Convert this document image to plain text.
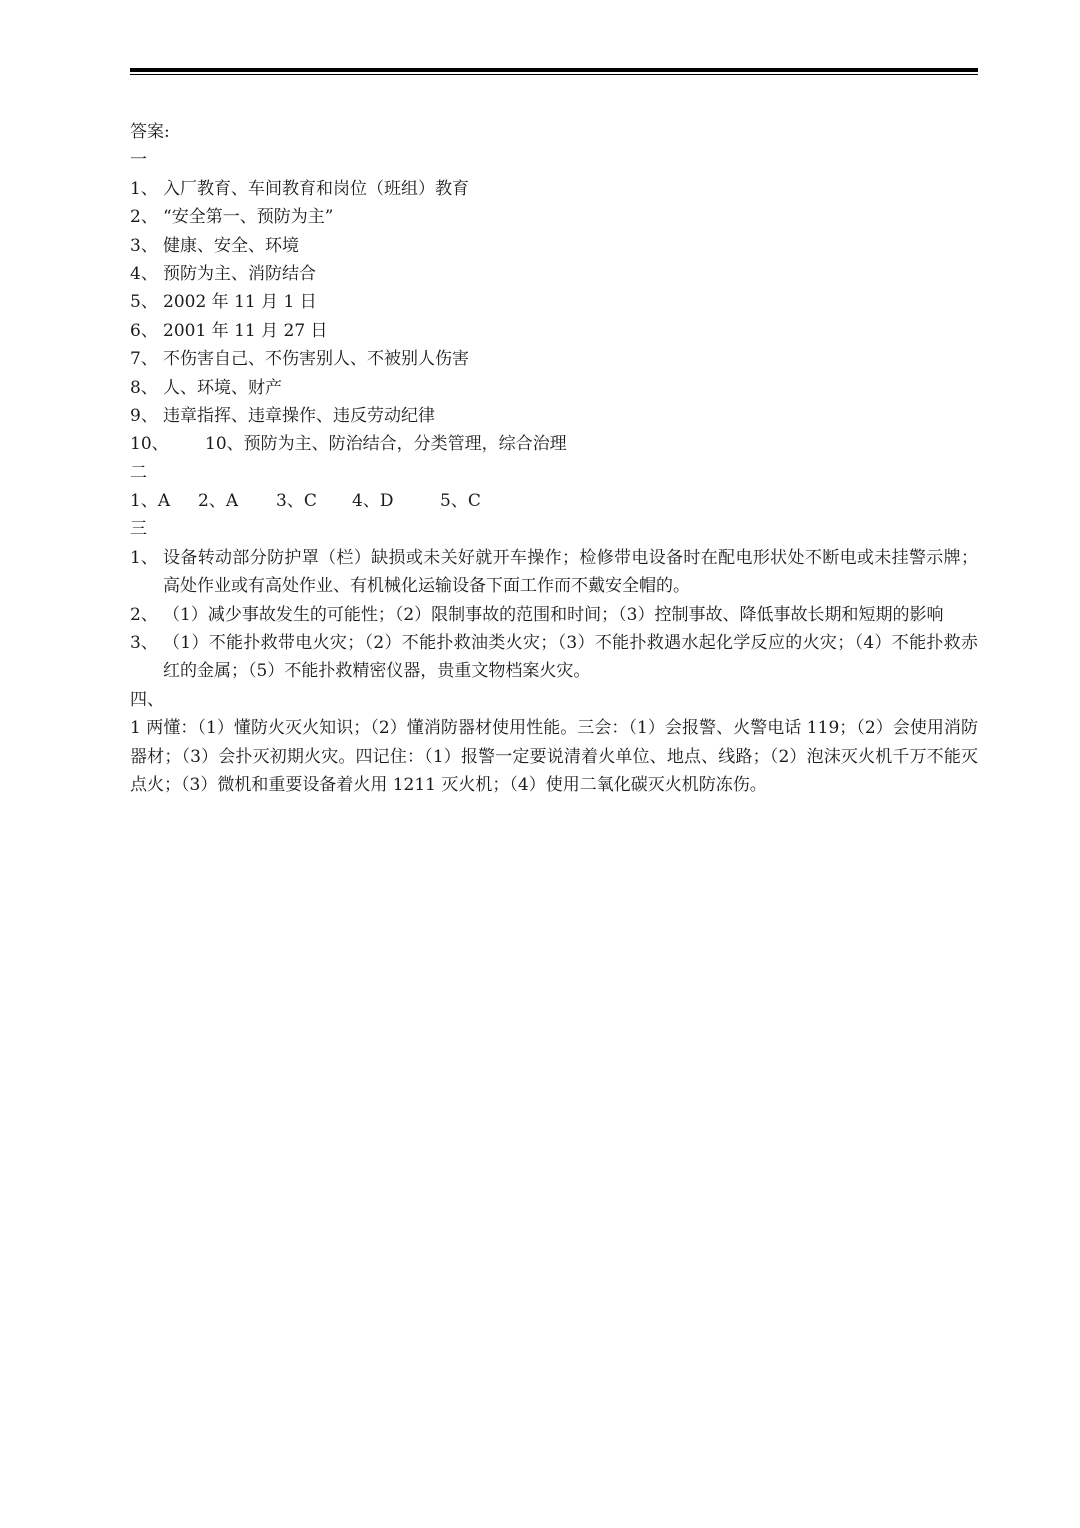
答案:
一
1、 入厂教育、车间教育和岗位（班组）教育
2、 “安全第一、预防为主”
3、 健康、安全、环境
4、 预防为主、消防结合
5、 2002 年 11 月 1 日
6、 2001 年 11 月 27 日
7、 不伤害自己、不伤害别人、不被别人伤害
8、 人、环境、财产
9、 违章指挥、违章操作、违反劳动纪律
10、	10、预防为主、防治结合，分类管理，综合治理
二
1、A 2、A 3、C 4、D	5、C
三
1、 设备转动部分防护罩（栏）缺损或未关好就开车操作；检修带电设备时在配电形状处不断电或未挂警示牌；高处作业或有高处作业、有机械化运输设备下面工作而不戴安全帽的。
2、 （1）减少事故发生的可能性；（2）限制事故的范围和时间；（3）控制事故、降低事故长期和短期的影响
3、 （1）不能扑救带电火灾；（2）不能扑救油类火灾；（3）不能扑救遇水起化学反应的火灾；（4）不能扑救赤红的金属；（5）不能扑救精密仪器，贵重文物档案火灾。
四、
1 两懂：（1）懂防火灭火知识；（2）懂消防器材使用性能。三会：（1）会报警、火警电话 119；（2）会使用消防器材；（3）会扑灭初期火灾。四记住：（1）报警一定要说清着火单位、地点、线路；（2）泡沫灭火机千万不能灭点火；（3）微机和重要设备着火用 1211 灭火机；（4）使用二氧化碳灭火机防冻伤。
